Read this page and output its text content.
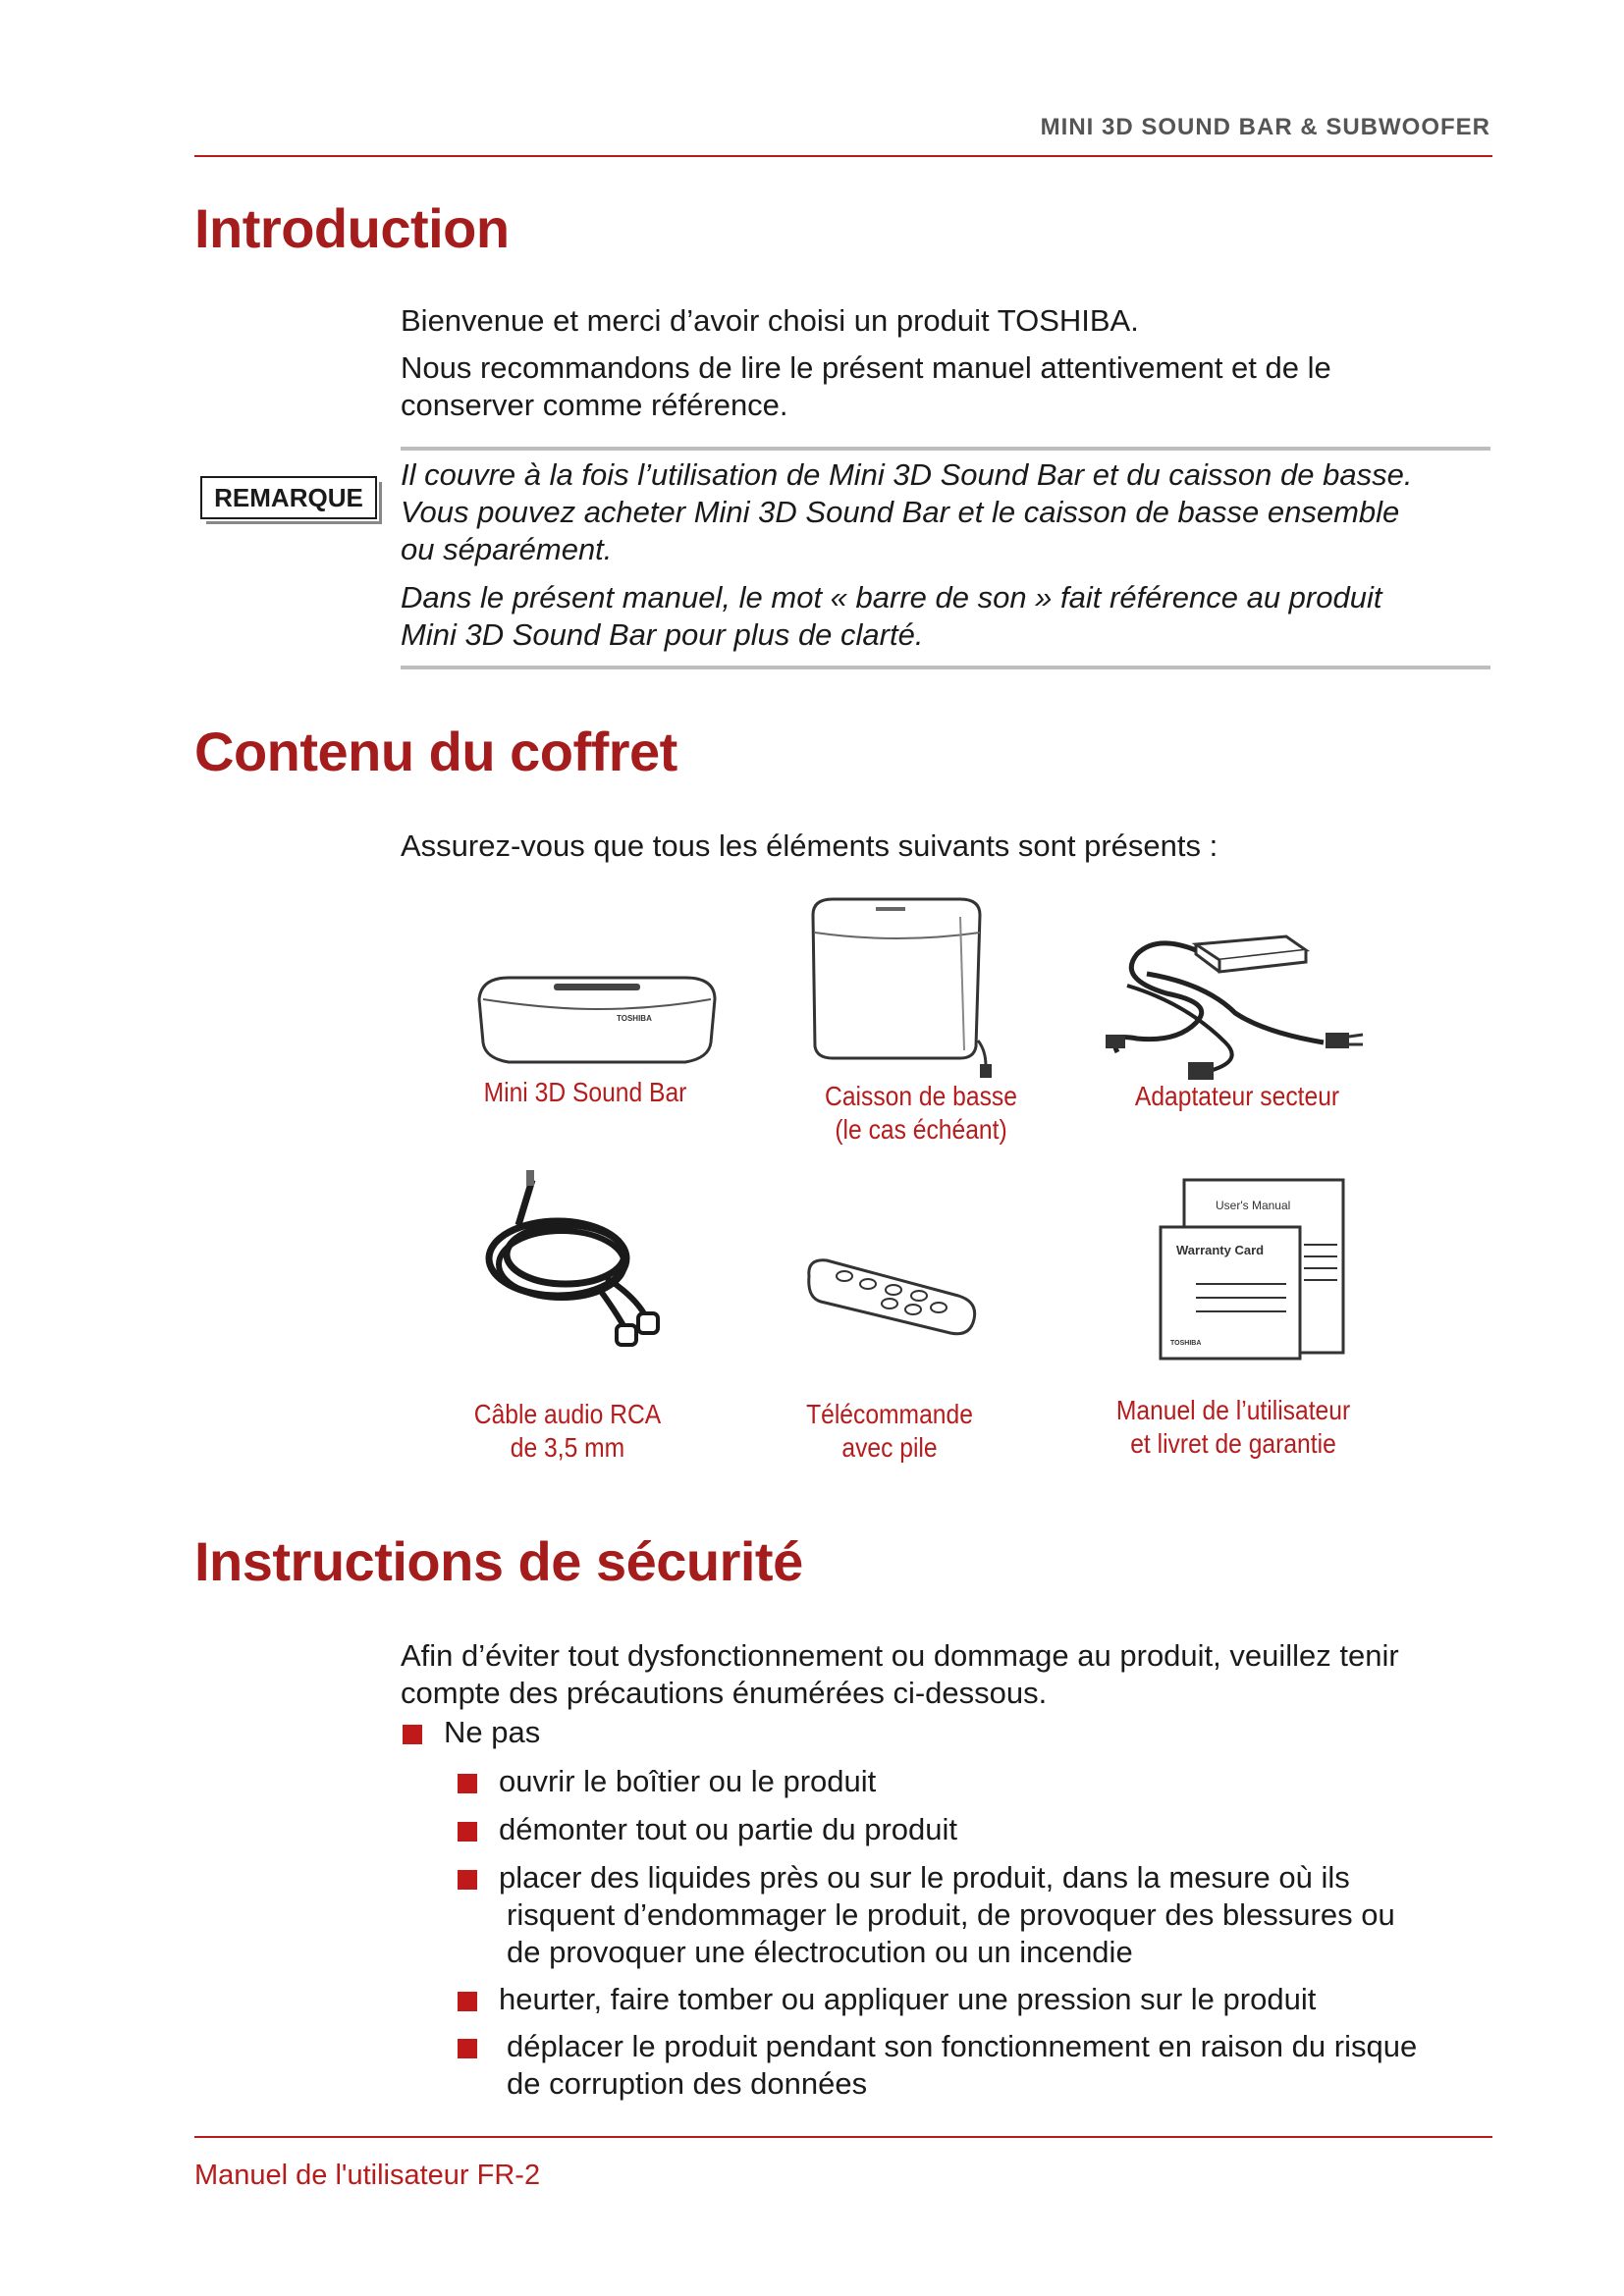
MINI 3D SOUND BAR & SUBWOOFER
Introduction
Bienvenue et merci d’avoir choisi un produit TOSHIBA.
Nous recommandons de lire le présent manuel attentivement et de le
conserver comme référence.
REMARQUE
Il couvre à la fois l’utilisation de Mini 3D Sound Bar et du caisson de basse.
Vous pouvez acheter Mini 3D Sound Bar et le caisson de basse ensemble
ou séparément.
Dans le présent manuel, le mot « barre de son » fait référence au produit
Mini 3D Sound Bar pour plus de clarté.
Contenu du coffret
Assurez-vous que tous les éléments suivants sont présents :
TOSHIBA
Mini 3D Sound Bar	Caisson de basse
(le cas échéant)
Adaptateur secteur
User's Manual
Warranty Card
TOSHIBA
Câble audio RCA
de 3,5 mm
Télécommande
avec pile
Manuel de l’utilisateur
et livret de garantie
Instructions de sécurité
Afin d’éviter tout dysfonctionnement ou dommage au produit, veuillez tenir
compte des précautions énumérées ci-dessous.
Ne pas
ouvrir le boîtier ou le produit
démonter tout ou partie du produit
placer des liquides près ou sur le produit, dans la mesure où ils
risquent d’endommager le produit, de provoquer des blessures ou
de provoquer une électrocution ou un incendie
heurter, faire tomber ou appliquer une pression sur le produit
déplacer le produit pendant son fonctionnement en raison du risque
de corruption des données
Manuel de l'utilisateur FR-2
